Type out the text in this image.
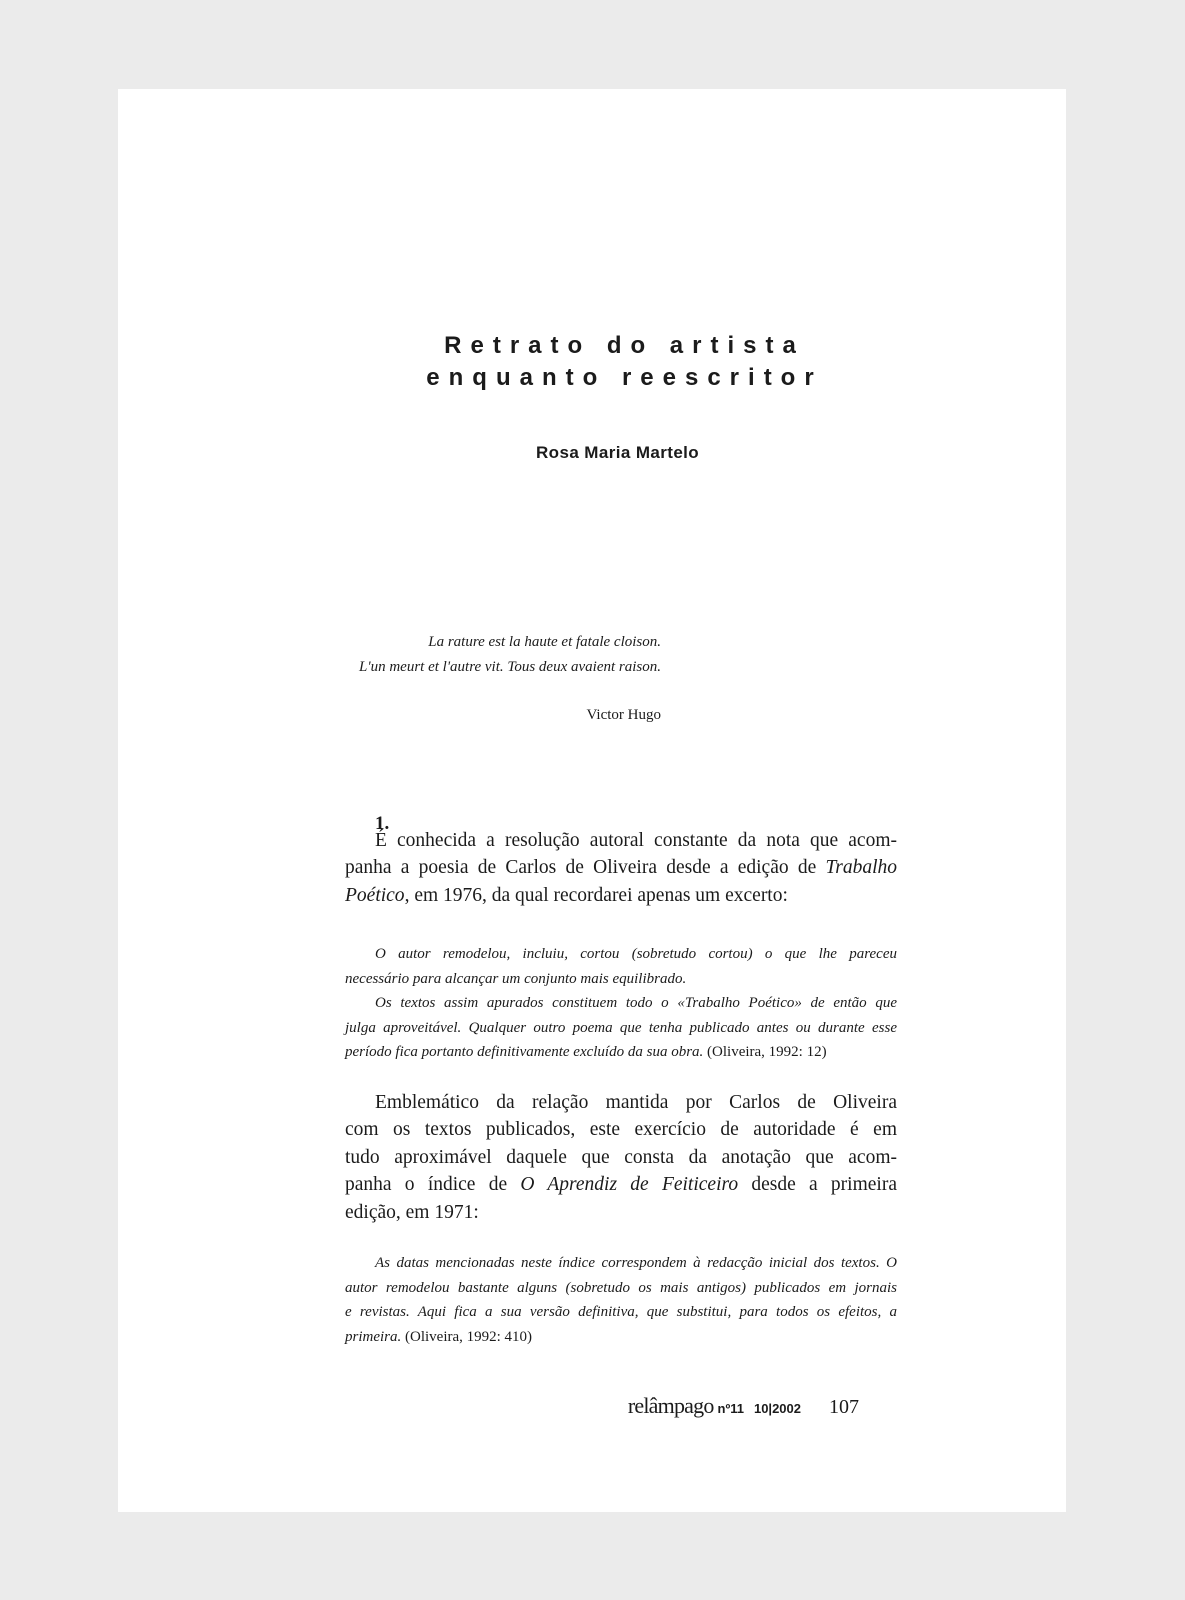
Retrato do artista
enquanto reescritor
Rosa Maria Martelo
La rature est la haute et fatale cloison.
L'un meurt et l'autre vit. Tous deux avaient raison.
Victor Hugo
1.
É conhecida a resolução autoral constante da nota que acom-
panha a poesia de Carlos de Oliveira desde a edição de Trabalho
Poético, em 1976, da qual recordarei apenas um excerto:
O autor remodelou, incluiu, cortou (sobretudo cortou) o que lhe pareceu
necessário para alcançar um conjunto mais equilibrado.
Os textos assim apurados constituem todo o «Trabalho Poético» de então que
julga aproveitável. Qualquer outro poema que tenha publicado antes ou durante esse
período fica portanto definitivamente excluído da sua obra. (Oliveira, 1992: 12)
Emblemático da relação mantida por Carlos de Oliveira
com os textos publicados, este exercício de autoridade é em
tudo aproximável daquele que consta da anotação que acom-
panha o índice de O Aprendiz de Feiticeiro desde a primeira
edição, em 1971:
As datas mencionadas neste índice correspondem à redacção inicial dos textos. O
autor remodelou bastante alguns (sobretudo os mais antigos) publicados em jornais
e revistas. Aqui fica a sua versão definitiva, que substitui, para todos os efeitos, a
primeira. (Oliveira, 1992: 410)
relâmpago nº11 10|2002 107
